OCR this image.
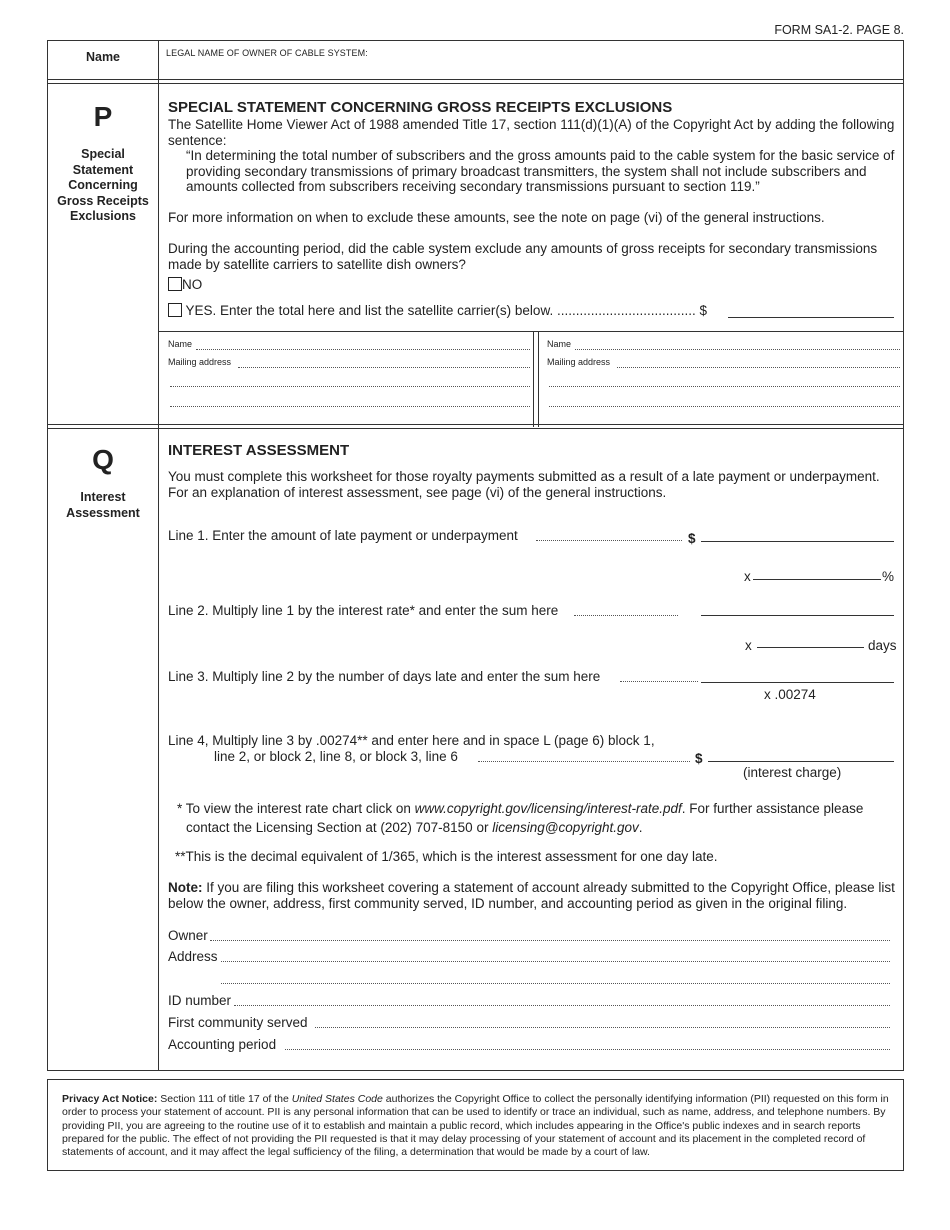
FORM SA1-2. PAGE 8.
Name	LEGAL NAME OF OWNER OF CABLE SYSTEM:
P
Special
Statement
Concerning
Gross Receipts
Exclusions
SPECIAL STATEMENT CONCERNING GROSS RECEIPTS EXCLUSIONS
The Satellite Home Viewer Act of 1988 amended Title 17, section 111(d)(1)(A) of the Copyright Act by adding the following sentence:
“In determining the total number of subscribers and the gross amounts paid to the cable system for the basic service of providing secondary transmissions of primary broadcast transmitters, the system shall not include subscribers and amounts collected from subscribers receiving secondary transmissions pursuant to section 119.”
For more information on when to exclude these amounts, see the note on page (vi) of the general instructions.
During the accounting period, did the cable system exclude any amounts of gross receipts for secondary transmissions made by satellite carriers to satellite dish owners?
NO
YES. Enter the total here and list the satellite carrier(s) below. ..................................... $
Name
Mailing address
Name
Mailing address
Q
Interest
Assessment
INTEREST ASSESSMENT
You must complete this worksheet for those royalty payments submitted as a result of a late payment or underpayment. For an explanation of interest assessment, see page (vi) of the general instructions.
Line 1. Enter the amount of late payment or underpayment	$
x	%
Line 2. Multiply line 1 by the interest rate* and enter the sum here
x	days
Line 3. Multiply line 2 by the number of days late and enter the sum here
x .00274
Line 4, Multiply line 3 by .00274** and enter here and in space L (page 6) block 1,
line 2, or block 2, line 8, or block 3, line 6	$
(interest charge)
* To view the interest rate chart click on www.copyright.gov/licensing/interest-rate.pdf. For further assistance please
contact the Licensing Section at (202) 707-8150 or licensing@copyright.gov.
**This is the decimal equivalent of 1/365, which is the interest assessment for one day late.
Note: If you are filing this worksheet covering a statement of account already submitted to the Copyright Office, please list below the owner, address, first community served, ID number, and accounting period as given in the original filing.
Owner
Address
ID number
First community served
Accounting period
Privacy Act Notice: Section 111 of title 17 of the United States Code authorizes the Copyright Office to collect the personally identifying information (PII) requested on this form in order to process your statement of account. PII is any personal information that can be used to identify or trace an individual, such as name, address, and telephone numbers. By providing PII, you are agreeing to the routine use of it to establish and maintain a public record, which includes appearing in the Office's public indexes and in search reports prepared for the public. The effect of not providing the PII requested is that it may delay processing of your statement of account and its placement in the completed record of statements of account, and it may affect the legal sufficiency of the filing, a determination that would be made by a court of law.
